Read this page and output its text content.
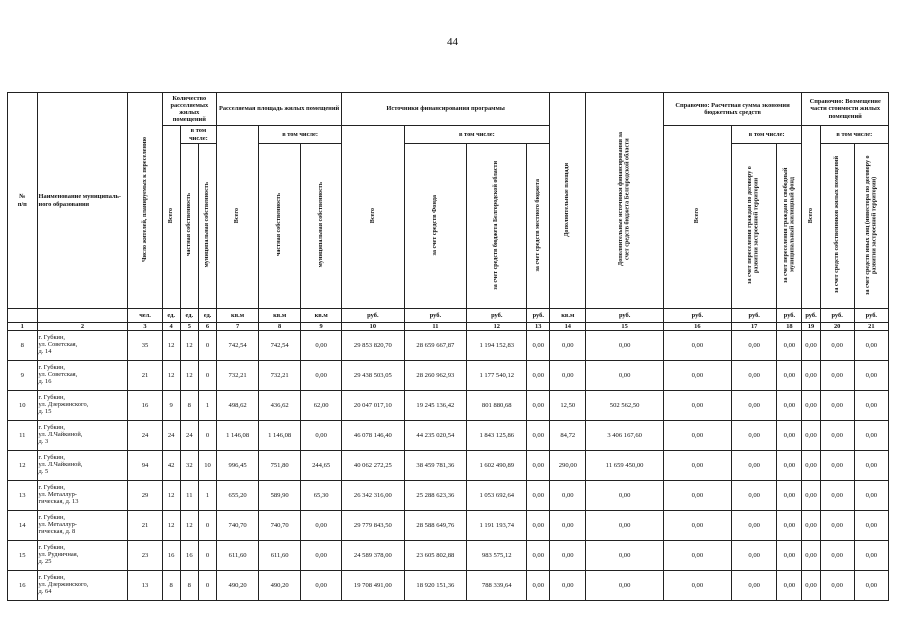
44
№
п/п	Наименование муниципаль-ного образования	Число жителей, планируемых к переселению	Количество расселяемых жилых помещений			Расселяемая площадь жилых помещений			Источники финансирования программы				Дополнительные площади	Дополнительные источники финансирования за счет средств бюджета Белгородской области	Справочно: Расчетная сумма экономии бюджетных средств			Справочно: Возмещение части стоимости жилых помещений		
			Всего	в том числе:		Всего	в том числе:		Всего	в том числе:					Всего	в том числе:		Всего	в том числе:	
				частная собственность	муниципальная собственность		частная собственность	муниципальная собственность		за счет средств Фонда	за счет средств бюджета Белгородской области	за счет средств местного бюджета				за счет переселения граждан по договору о развитии застроенной территории	за счет переселения граждан в свободный муниципальный жилищный фонд		за счет средств собственников жилых помещений	за счет средств иных лиц (инвестора по договору о развитии застроенной территории)
		чел.	ед.	ед.	ед.	кв.м	кв.м	кв.м	руб.	руб.	руб.	руб.	кв.м	руб.	руб.	руб.	руб.	руб.	руб.	руб.
1	2	3	4	5	6	7	8	9	10	11	12	13	14	15	16	17	18	19	20	21
8	г. Губкин,
ул. Советская,
д. 14	35	12	12	0	742,54	742,54	0,00	29 853 820,70	28 659 667,87	1 194 152,83	0,00	0,00	0,00	0,00	0,00	0,00	0,00	0,00	0,00
9	г. Губкин,
ул. Советская,
д. 16	21	12	12	0	732,21	732,21	0,00	29 438 503,05	28 260 962,93	1 177 540,12	0,00	0,00	0,00	0,00	0,00	0,00	0,00	0,00	0,00
10	г. Губкин,
ул. Дзержинского,
д. 15	16	9	8	1	498,62	436,62	62,00	20 047 017,10	19 245 136,42	801 880,68	0,00	12,50	502 562,50	0,00	0,00	0,00	0,00	0,00	0,00
11	г. Губкин,
ул. Л.Чайкиной,
д. 3	24	24	24	0	1 146,08	1 146,08	0,00	46 078 146,40	44 235 020,54	1 843 125,86	0,00	84,72	3 406 167,60	0,00	0,00	0,00	0,00	0,00	0,00
12	г. Губкин,
ул. Л.Чайкиной,
д. 5	94	42	32	10	996,45	751,80	244,65	40 062 272,25	38 459 781,36	1 602 490,89	0,00	290,00	11 659 450,00	0,00	0,00	0,00	0,00	0,00	0,00
13	г. Губкин,
ул. Металлур-
гическая, д. 13	29	12	11	1	655,20	589,90	65,30	26 342 316,00	25 288 623,36	1 053 692,64	0,00	0,00	0,00	0,00	0,00	0,00	0,00	0,00	0,00
14	г. Губкин,
ул. Металлур-
гическая, д. 8	21	12	12	0	740,70	740,70	0,00	29 779 843,50	28 588 649,76	1 191 193,74	0,00	0,00	0,00	0,00	0,00	0,00	0,00	0,00	0,00
15	г. Губкин,
ул. Рудничная,
д. 25	23	16	16	0	611,60	611,60	0,00	24 589 378,00	23 605 802,88	983 575,12	0,00	0,00	0,00	0,00	0,00	0,00	0,00	0,00	0,00
16	г. Губкин,
ул. Дзержинского,
д. 64	13	8	8	0	490,20	490,20	0,00	19 708 491,00	18 920 151,36	788 339,64	0,00	0,00	0,00	0,00	0,00	0,00	0,00	0,00	0,00
